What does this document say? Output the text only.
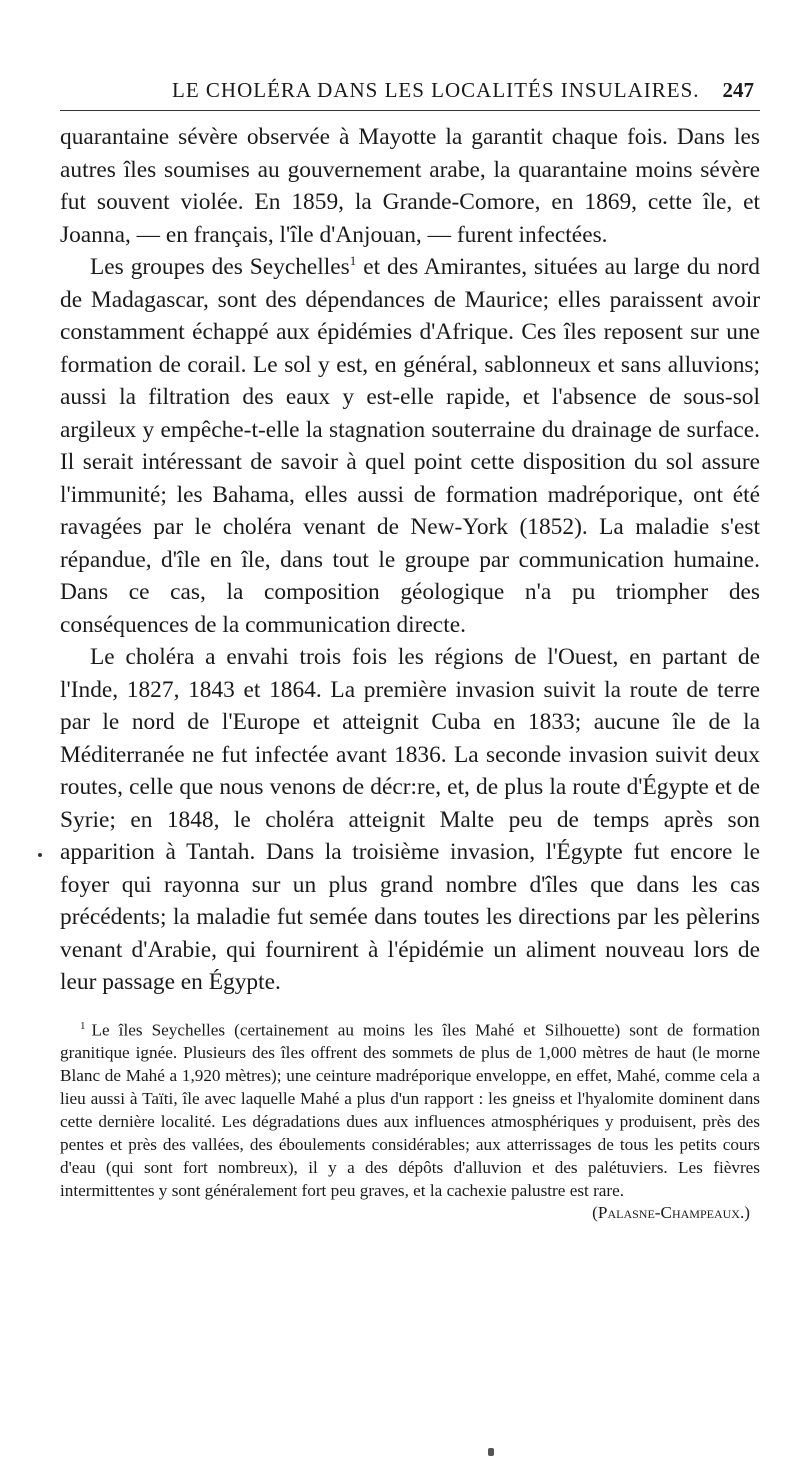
LE CHOLÉRA DANS LES LOCALITÉS INSULAIRES. 247

quarantaine sévère observée à Mayotte la garantit chaque fois. Dans les autres îles soumises au gouvernement arabe, la quarantaine moins sévère fut souvent violée. En 1859, la Grande-Comore, en 1869, cette île, et Joanna, — en français, l'île d'Anjouan, — furent infectées.

Les groupes des Seychelles$^1$ et des Amirantes, situées au large du nord de Madagascar, sont des dépendances de Maurice; elles paraissent avoir constamment échappé aux épidémies d'Afrique. Ces îles reposent sur une formation de corail. Le sol y est, en général, sablonneux et sans alluvions; aussi la filtration des eaux y est-elle rapide, et l'absence de sous-sol argileux y empêche-t-elle la stagnation souterraine du drainage de surface. Il serait intéressant de savoir à quel point cette disposition du sol assure l'immunité; les Bahama, elles aussi de formation madréporique, ont été ravagées par le choléra venant de New-York (1852). La maladie s'est répandue, d'île en île, dans tout le groupe par communication humaine. Dans ce cas, la composition géologique n'a pu triompher des conséquences de la communication directe.

Le choléra a envahi trois fois les régions de l'Ouest, en partant de l'Inde, 1827, 1843 et 1864. La première invasion suivit la route de terre par le nord de l'Europe et atteignit Cuba en 1833; aucune île de la Méditerranée ne fut infectée avant 1836. La seconde invasion suivit deux routes, celle que nous venons de décr:re, et, de plus la route d'Égypte et de Syrie; en 1848, le choléra atteignit Malte peu de temps après son apparition à Tantah. Dans la troisième invasion, l'Égypte fut encore le foyer qui rayonna sur un plus grand nombre d'îles que dans les cas précédents; la maladie fut semée dans toutes les directions par les pèlerins venant d'Arabie, qui fournirent à l'épidémie un aliment nouveau lors de leur passage en Égypte.

$^1$ Le îles Seychelles (certainement au moins les îles Mahé et Silhouette) sont de formation granitique ignée. Plusieurs des îles offrent des sommets de plus de 1,000 mètres de haut (le morne Blanc de Mahé a 1,920 mètres); une ceinture madréporique enveloppe, en effet, Mahé, comme cela a lieu aussi à Taïti, île avec laquelle Mahé a plus d'un rapport : les gneiss et l'hyalomite dominent dans cette dernière localité. Les dégradations dues aux influences atmosphériques y produisent, près des pentes et près des vallées, des éboulements considérables; aux atterrissages de tous les petits cours d'eau (qui sont fort nombreux), il y a des dépôts d'alluvion et des palétuviers. Les fièvres intermittentes y sont généralement fort peu graves, et la cachexie palustre est rare.
(Palasne-Champeaux.)
